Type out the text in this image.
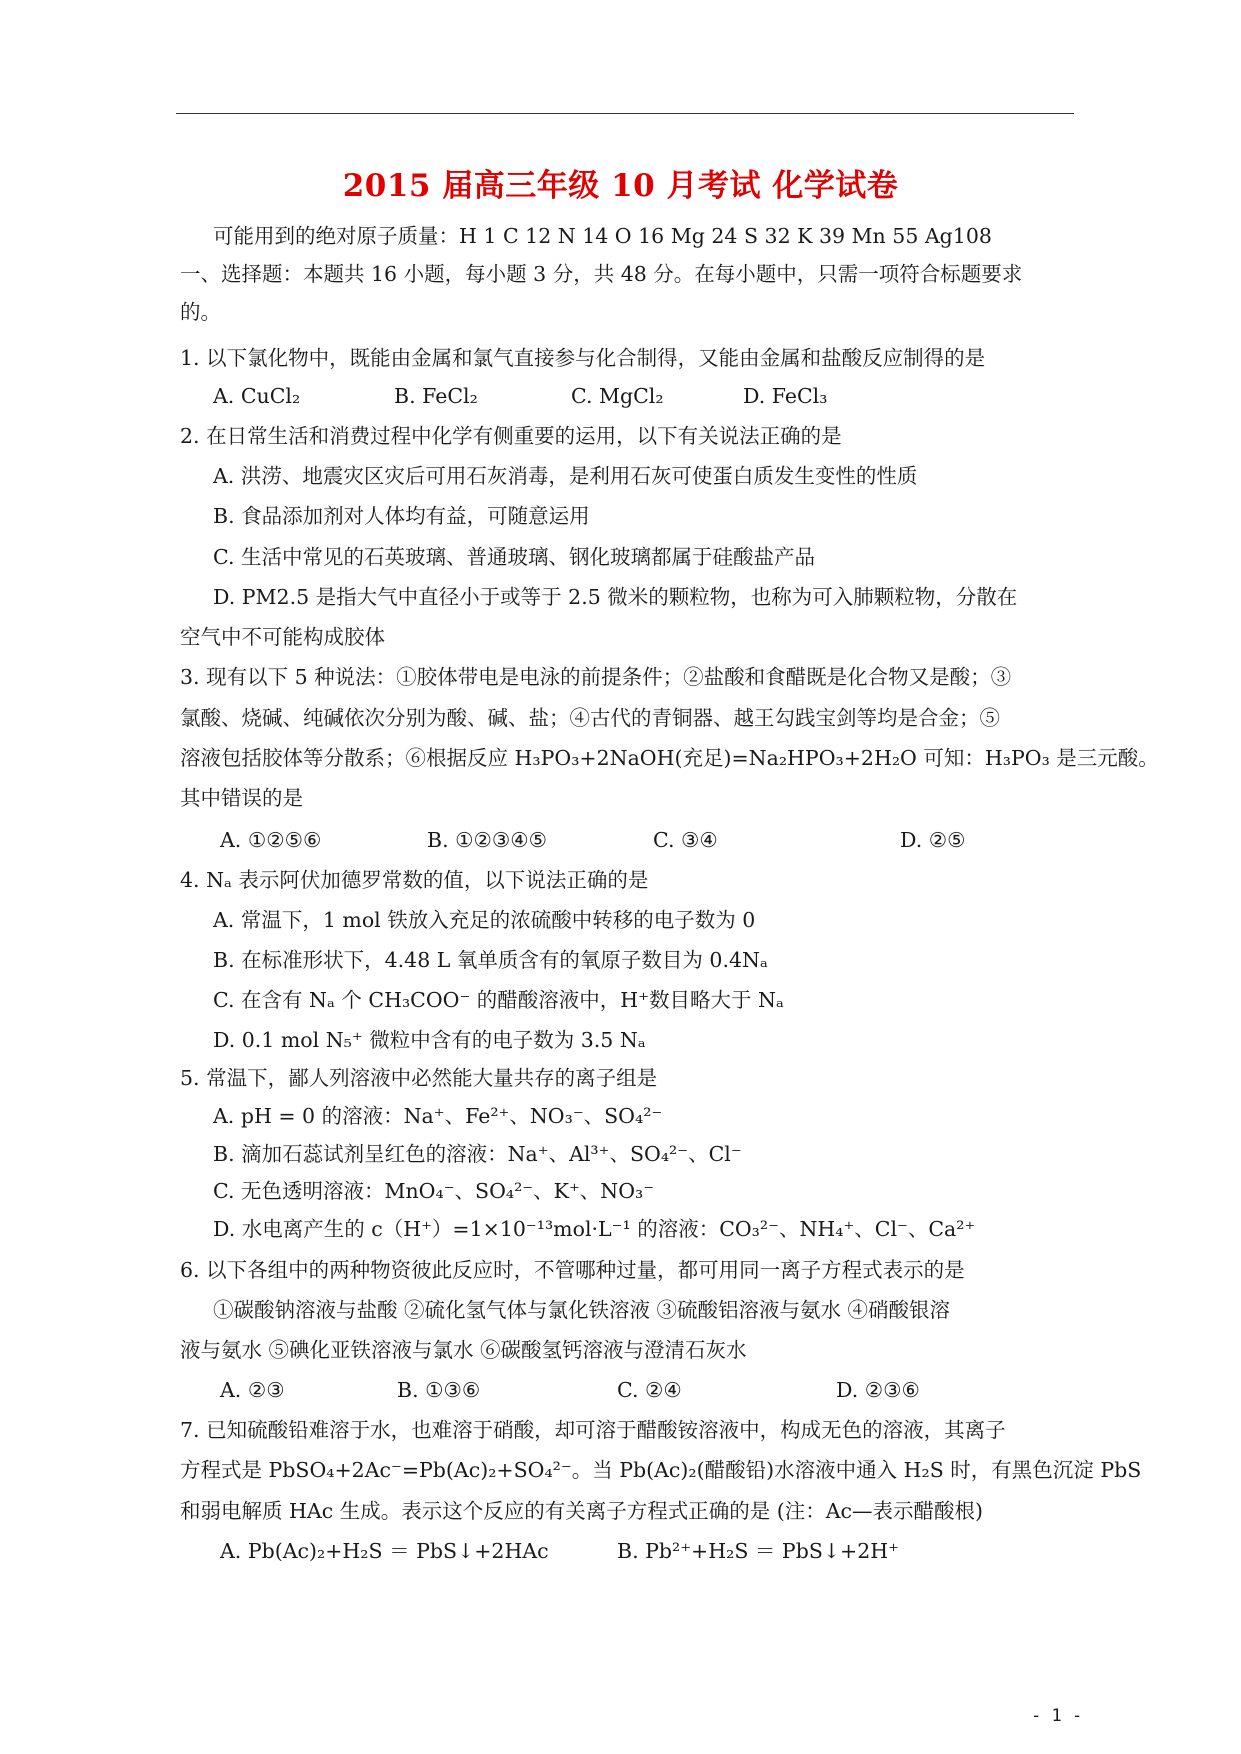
2015 届高三年级 10 月考试 化学试卷
可能用到的绝对原子质量：H 1 C 12 N 14 O 16 Mg 24 S 32 K 39 Mn 55 Ag108
一、选择题：本题共 16 小题，每小题 3 分，共 48 分。在每小题中，只需一项符合标题要求
的。
1. 以下氯化物中，既能由金属和氯气直接参与化合制得，又能由金属和盐酸反应制得的是
A. CuCl₂	B. FeCl₂	C. MgCl₂	D. FeCl₃
2. 在日常生活和消费过程中化学有侧重要的运用，以下有关说法正确的是
A. 洪涝、地震灾区灾后可用石灰消毒，是利用石灰可使蛋白质发生变性的性质
B. 食品添加剂对人体均有益，可随意运用
C. 生活中常见的石英玻璃、普通玻璃、钢化玻璃都属于硅酸盐产品
D. PM2.5 是指大气中直径小于或等于 2.5 微米的颗粒物，也称为可入肺颗粒物，分散在
空气中不可能构成胶体
3. 现有以下 5 种说法：①胶体带电是电泳的前提条件；②盐酸和食醋既是化合物又是酸；③
氯酸、烧碱、纯碱依次分别为酸、碱、盐；④古代的青铜器、越王勾践宝剑等均是合金；⑤
溶液包括胶体等分散系；⑥根据反应 H₃PO₃+2NaOH(充足)=Na₂HPO₃+2H₂O 可知：H₃PO₃ 是三元酸。
其中错误的是
A. ①②⑤⑥	B. ①②③④⑤	C. ③④	D. ②⑤
4. Nₐ 表示阿伏加德罗常数的值，以下说法正确的是
A. 常温下，1 mol 铁放入充足的浓硫酸中转移的电子数为 0
B. 在标准形状下，4.48 L 氧单质含有的氧原子数目为 0.4Nₐ
C. 在含有 Nₐ 个 CH₃COO⁻ 的醋酸溶液中，H⁺数目略大于 Nₐ
D. 0.1 mol N₅⁺ 微粒中含有的电子数为 3.5 Nₐ
5. 常温下，鄙人列溶液中必然能大量共存的离子组是
A. pH = 0 的溶液：Na⁺、Fe²⁺、NO₃⁻、SO₄²⁻
B. 滴加石蕊试剂呈红色的溶液：Na⁺、Al³⁺、SO₄²⁻、Cl⁻
C. 无色透明溶液：MnO₄⁻、SO₄²⁻、K⁺、NO₃⁻
D. 水电离产生的 c（H⁺）=1×10⁻¹³mol·L⁻¹ 的溶液：CO₃²⁻、NH₄⁺、Cl⁻、Ca²⁺
6. 以下各组中的两种物资彼此反应时，不管哪种过量，都可用同一离子方程式表示的是
①碳酸钠溶液与盐酸 ②硫化氢气体与氯化铁溶液 ③硫酸铝溶液与氨水 ④硝酸银溶
液与氨水 ⑤碘化亚铁溶液与氯水 ⑥碳酸氢钙溶液与澄清石灰水
A. ②③	B. ①③⑥	C. ②④	D. ②③⑥
7. 已知硫酸铅难溶于水，也难溶于硝酸，却可溶于醋酸铵溶液中，构成无色的溶液，其离子
方程式是 PbSO₄+2Ac⁻=Pb(Ac)₂+SO₄²⁻。当 Pb(Ac)₂(醋酸铅)水溶液中通入 H₂S 时，有黑色沉淀 PbS
和弱电解质 HAc 生成。表示这个反应的有关离子方程式正确的是 (注：Ac—表示醋酸根)
A. Pb(Ac)₂+H₂S ＝ PbS↓+2HAc	B. Pb²⁺+H₂S ＝ PbS↓+2H⁺
- 1 -
